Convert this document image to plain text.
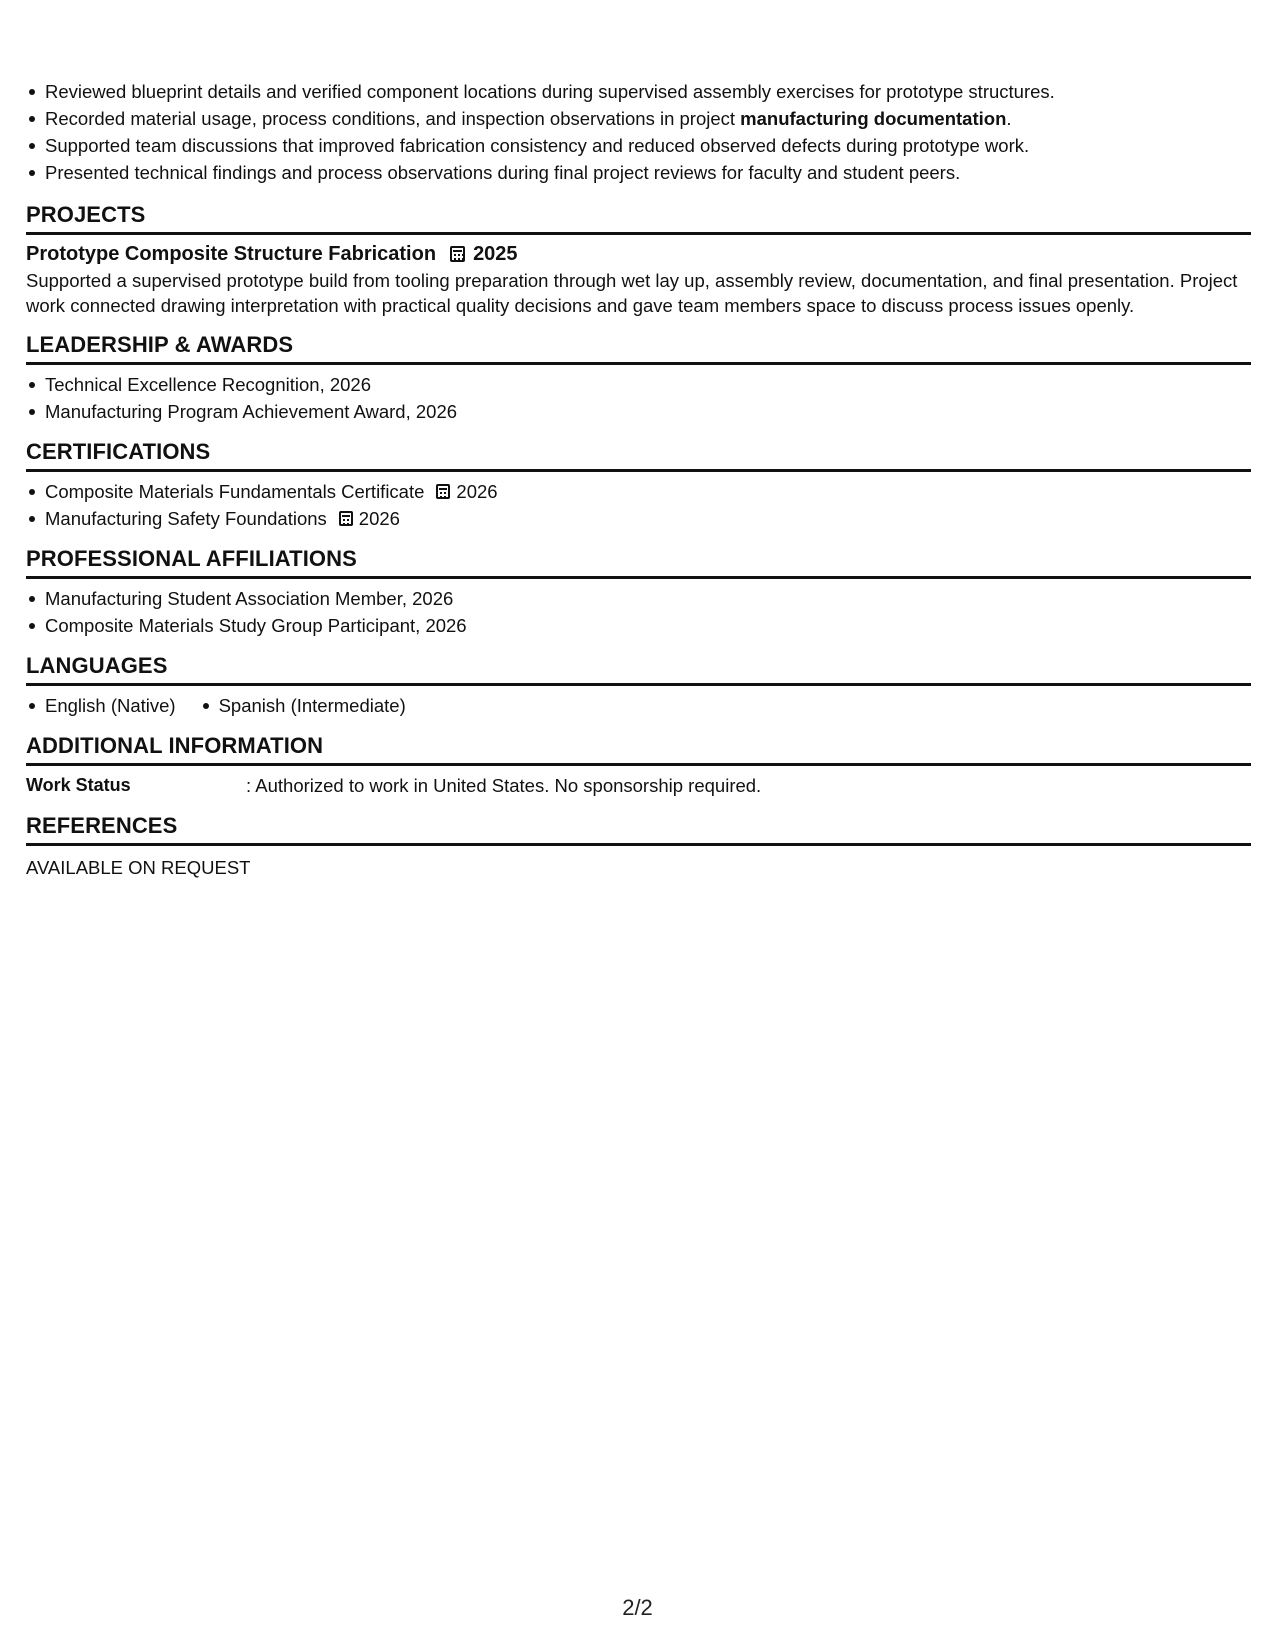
Reviewed blueprint details and verified component locations during supervised assembly exercises for prototype structures.
Recorded material usage, process conditions, and inspection observations in project manufacturing documentation.
Supported team discussions that improved fabrication consistency and reduced observed defects during prototype work.
Presented technical findings and process observations during final project reviews for faculty and student peers.
PROJECTS
Prototype Composite Structure Fabrication 2025
Supported a supervised prototype build from tooling preparation through wet lay up, assembly review, documentation, and final presentation. Project work connected drawing interpretation with practical quality decisions and gave team members space to discuss process issues openly.
LEADERSHIP & AWARDS
Technical Excellence Recognition, 2026
Manufacturing Program Achievement Award, 2026
CERTIFICATIONS
Composite Materials Fundamentals Certificate 2026
Manufacturing Safety Foundations 2026
PROFESSIONAL AFFILIATIONS
Manufacturing Student Association Member, 2026
Composite Materials Study Group Participant, 2026
LANGUAGES
English (Native)	Spanish (Intermediate)
ADDITIONAL INFORMATION
Work Status	: Authorized to work in United States. No sponsorship required.
REFERENCES
AVAILABLE ON REQUEST
2/2
